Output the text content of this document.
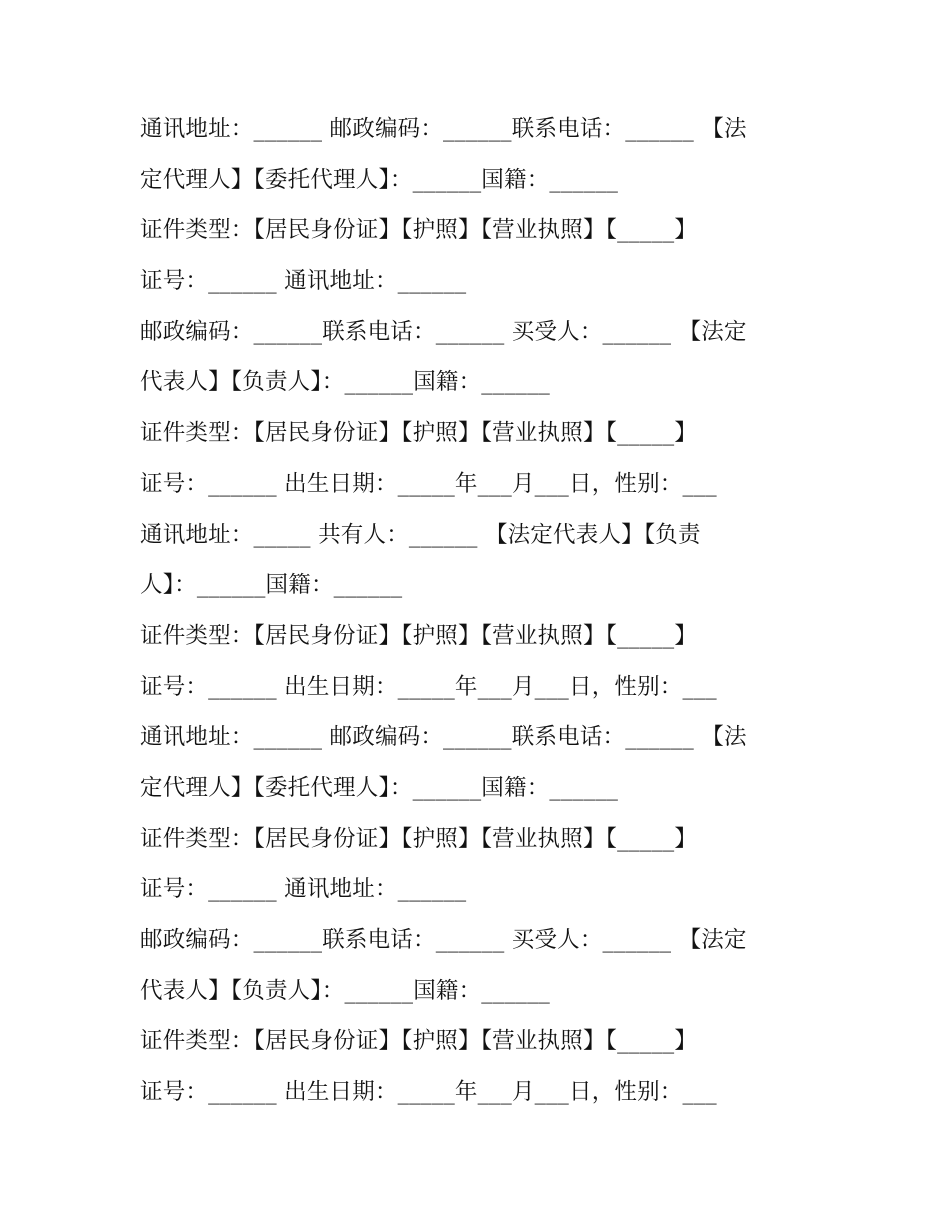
通讯地址：______ 邮政编码：______联系电话：______ 【法
定代理人】【委托代理人】：______国籍：______
证件类型：【居民身份证】【护照】【营业执照】【_____】
证号：______ 通讯地址：______
邮政编码：______联系电话：______ 买受人：______ 【法定
代表人】【负责人】：______国籍：______
证件类型：【居民身份证】【护照】【营业执照】【_____】
证号：______ 出生日期：_____年___月___日，性别：___
通讯地址：_____ 共有人：______ 【法定代表人】【负责
人】：______国籍：______
证件类型：【居民身份证】【护照】【营业执照】【_____】
证号：______ 出生日期：_____年___月___日，性别：___
通讯地址：______ 邮政编码：______联系电话：______ 【法
定代理人】【委托代理人】：______国籍：______
证件类型：【居民身份证】【护照】【营业执照】【_____】
证号：______ 通讯地址：______
邮政编码：______联系电话：______ 买受人：______ 【法定
代表人】【负责人】：______国籍：______
证件类型：【居民身份证】【护照】【营业执照】【_____】
证号：______ 出生日期：_____年___月___日，性别：___
